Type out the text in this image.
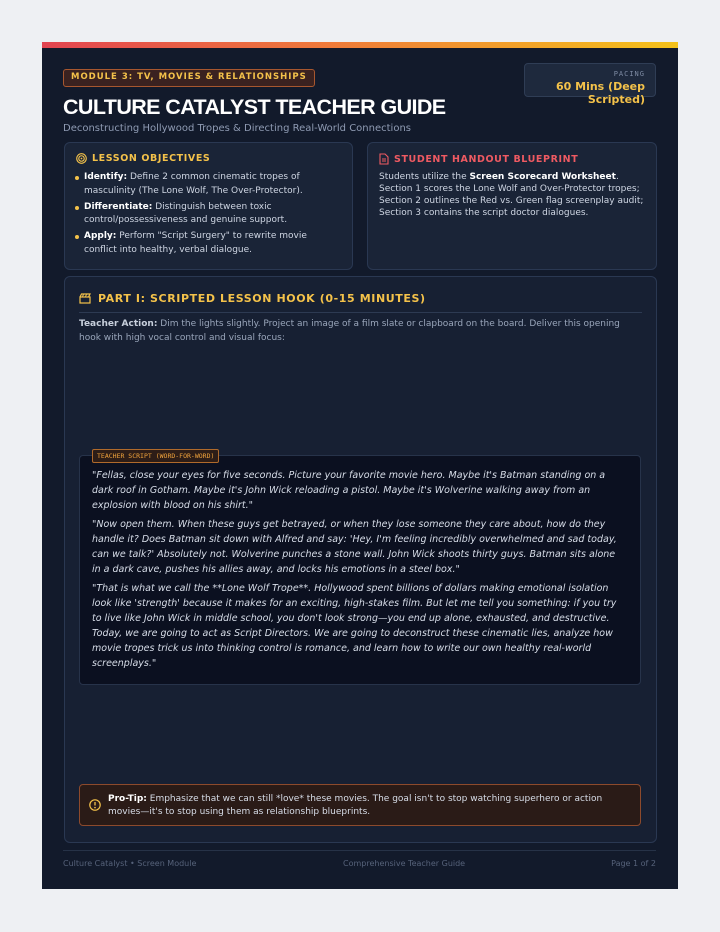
MODULE 3: TV, MOVIES & RELATIONSHIPS	PACING
60 Mins (Deep Scripted)
CULTURE CATALYST TEACHER GUIDE
Deconstructing Hollywood Tropes & Directing Real-World Connections
LESSON OBJECTIVES
Identify: Define 2 common cinematic tropes of masculinity (The Lone Wolf, The Over-Protector).
Differentiate: Distinguish between toxic control/possessiveness and genuine support.
Apply: Perform "Script Surgery" to rewrite movie conflict into healthy, verbal dialogue.
STUDENT HANDOUT BLUEPRINT

Students utilize the Screen Scorecard Worksheet. Section 1 scores the Lone Wolf and Over-Protector tropes; Section 2 outlines the Red vs. Green flag screenplay audit; Section 3 contains the script doctor dialogues.

PART I: SCRIPTED LESSON HOOK (0-15 MINUTES)
Teacher Action: Dim the lights slightly. Project an image of a film slate or clapboard on the board. Deliver this opening hook with high vocal control and visual focus:
TEACHER SCRIPT (WORD-FOR-WORD)

"Fellas, close your eyes for five seconds. Picture your favorite movie hero. Maybe it's Batman standing on a dark roof in Gotham. Maybe it's John Wick reloading a pistol. Maybe it's Wolverine walking away from an explosion with blood on his shirt."

"Now open them. When these guys get betrayed, or when they lose someone they care about, how do they handle it? Does Batman sit down with Alfred and say: 'Hey, I'm feeling incredibly overwhelmed and sad today, can we talk?' Absolutely not. Wolverine punches a stone wall. John Wick shoots thirty guys. Batman sits alone in a dark cave, pushes his allies away, and locks his emotions in a steel box."

"That is what we call the **Lone Wolf Trope**. Hollywood spent billions of dollars making emotional isolation look like 'strength' because it makes for an exciting, high-stakes film. But let me tell you something: if you try to live like John Wick in middle school, you don't look strong—you end up alone, exhausted, and destructive. Today, we are going to act as Script Directors. We are going to deconstruct these cinematic lies, analyze how movie tropes trick us into thinking control is romance, and learn how to write our own healthy real-world screenplays."

Pro-Tip: Emphasize that we can still *love* these movies. The goal isn't to stop watching superhero or action movies—it's to stop using them as relationship blueprints.
Culture Catalyst • Screen Module	Comprehensive Teacher Guide	Page 1 of 2
